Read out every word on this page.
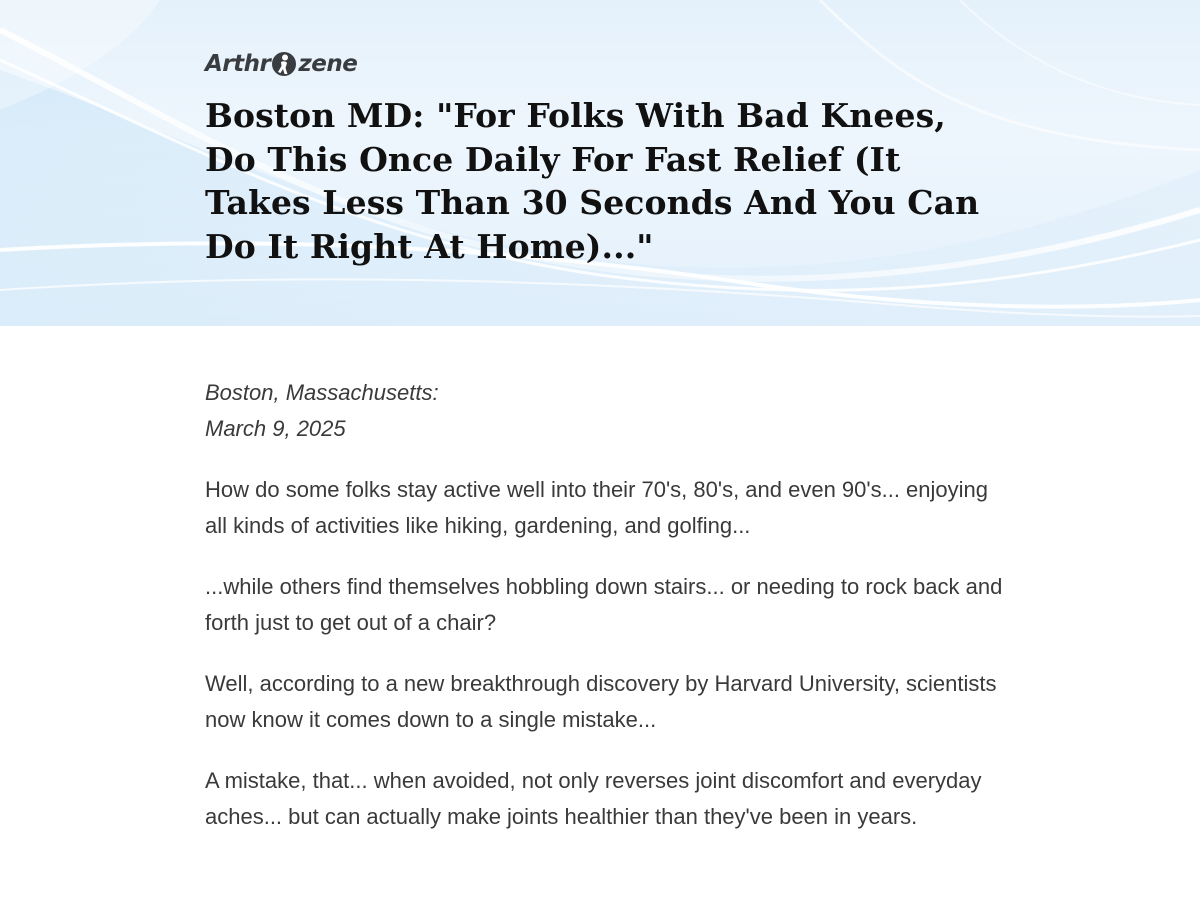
Arthr zene
Boston MD: "For Folks With Bad Knees, Do This Once Daily For Fast Relief (It Takes Less Than 30 Seconds And You Can Do It Right At Home)..."

Boston, Massachusetts:

March 9, 2025

How do some folks stay active well into their 70's, 80's, and even 90's... enjoying all kinds of activities like hiking, gardening, and golfing...

...while others find themselves hobbling down stairs... or needing to rock back and forth just to get out of a chair?

Well, according to a new breakthrough discovery by Harvard University, scientists now know it comes down to a single mistake...

A mistake, that... when avoided, not only reverses joint discomfort and everyday aches... but can actually make joints healthier than they've been in years.
